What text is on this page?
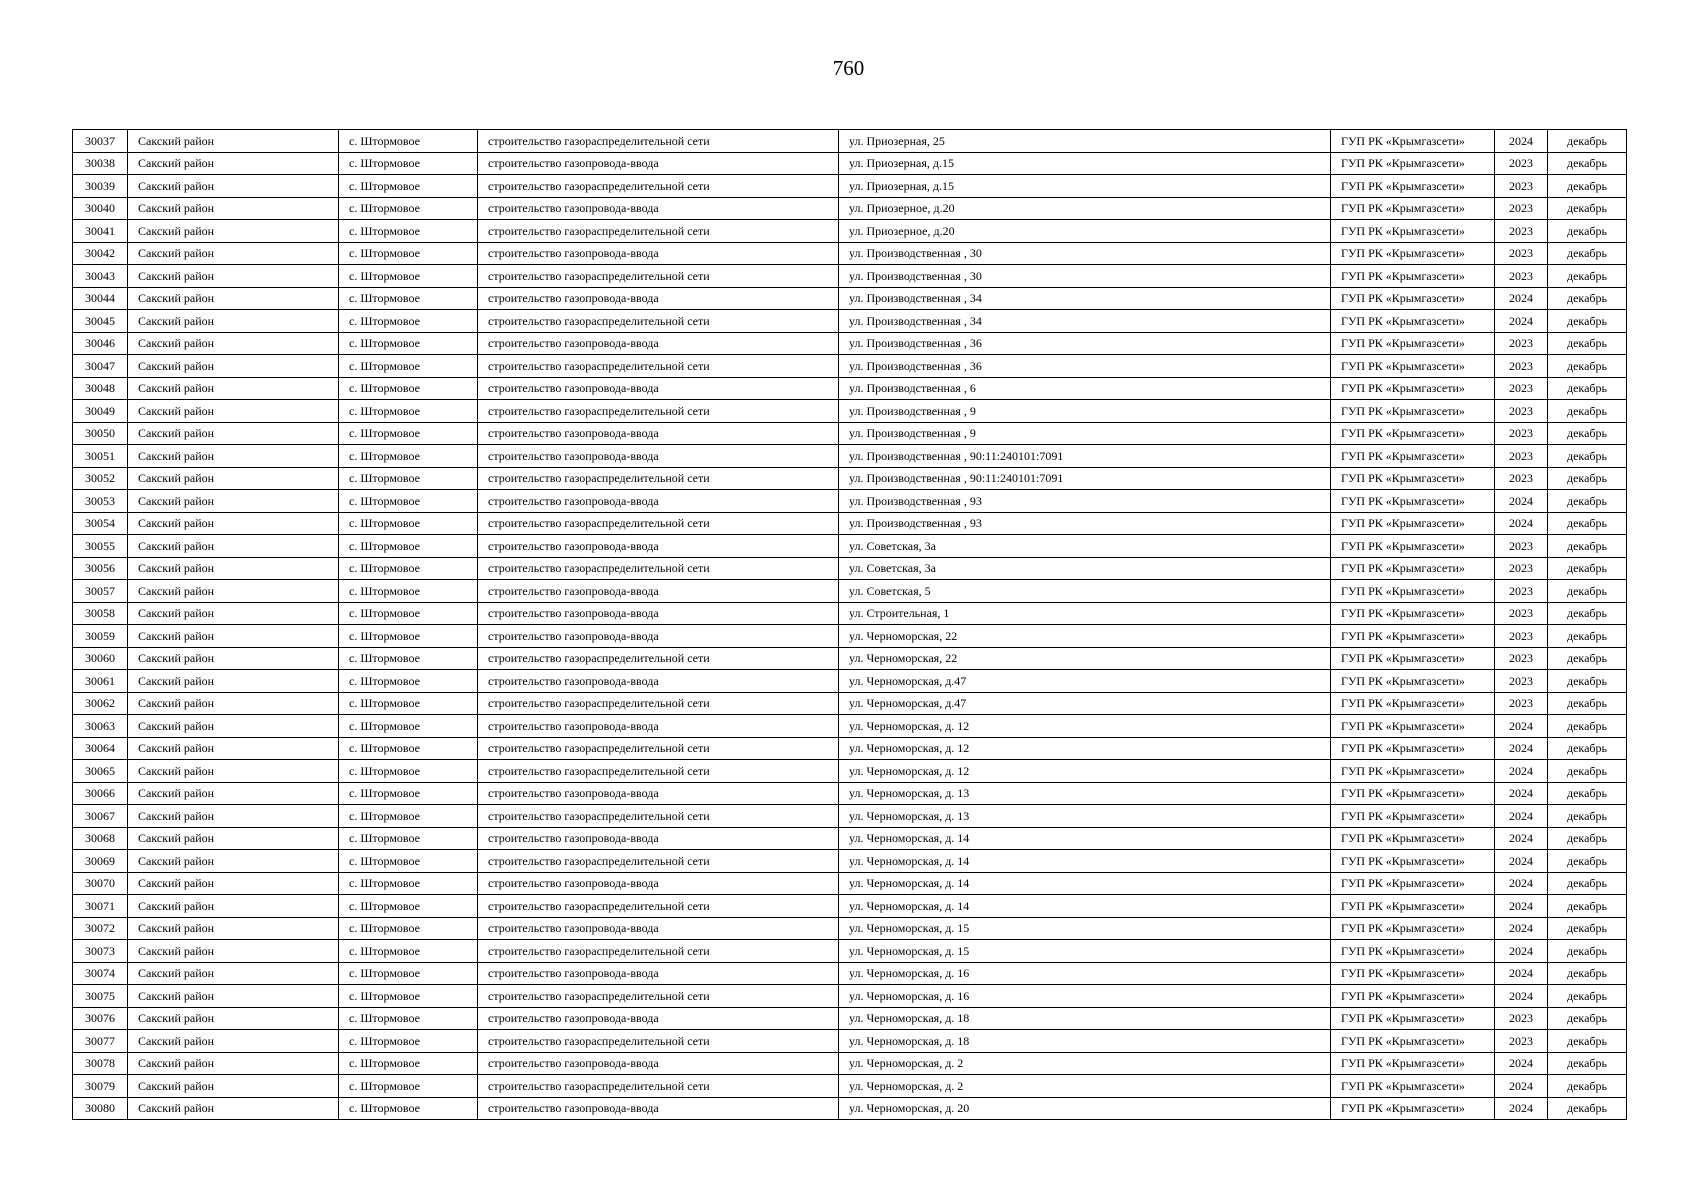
760
30037	Сакский район	с. Штормовое	строительство газораспределительной сети	ул. Приозерная, 25	ГУП РК «Крымгазсети»	2024	декабрь
30038	Сакский район	с. Штормовое	строительство газопровода-ввода	ул. Приозерная, д.15	ГУП РК «Крымгазсети»	2023	декабрь
30039	Сакский район	с. Штормовое	строительство газораспределительной сети	ул. Приозерная, д.15	ГУП РК «Крымгазсети»	2023	декабрь
30040	Сакский район	с. Штормовое	строительство газопровода-ввода	ул. Приозерное, д.20	ГУП РК «Крымгазсети»	2023	декабрь
30041	Сакский район	с. Штормовое	строительство газораспределительной сети	ул. Приозерное, д.20	ГУП РК «Крымгазсети»	2023	декабрь
30042	Сакский район	с. Штормовое	строительство газопровода-ввода	ул. Производственная , 30	ГУП РК «Крымгазсети»	2023	декабрь
30043	Сакский район	с. Штормовое	строительство газораспределительной сети	ул. Производственная , 30	ГУП РК «Крымгазсети»	2023	декабрь
30044	Сакский район	с. Штормовое	строительство газопровода-ввода	ул. Производственная , 34	ГУП РК «Крымгазсети»	2024	декабрь
30045	Сакский район	с. Штормовое	строительство газораспределительной сети	ул. Производственная , 34	ГУП РК «Крымгазсети»	2024	декабрь
30046	Сакский район	с. Штормовое	строительство газопровода-ввода	ул. Производственная , 36	ГУП РК «Крымгазсети»	2023	декабрь
30047	Сакский район	с. Штормовое	строительство газораспределительной сети	ул. Производственная , 36	ГУП РК «Крымгазсети»	2023	декабрь
30048	Сакский район	с. Штормовое	строительство газопровода-ввода	ул. Производственная , 6	ГУП РК «Крымгазсети»	2023	декабрь
30049	Сакский район	с. Штормовое	строительство газораспределительной сети	ул. Производственная , 9	ГУП РК «Крымгазсети»	2023	декабрь
30050	Сакский район	с. Штормовое	строительство газопровода-ввода	ул. Производственная , 9	ГУП РК «Крымгазсети»	2023	декабрь
30051	Сакский район	с. Штормовое	строительство газопровода-ввода	ул. Производственная , 90:11:240101:7091	ГУП РК «Крымгазсети»	2023	декабрь
30052	Сакский район	с. Штормовое	строительство газораспределительной сети	ул. Производственная , 90:11:240101:7091	ГУП РК «Крымгазсети»	2023	декабрь
30053	Сакский район	с. Штормовое	строительство газопровода-ввода	ул. Производственная , 93	ГУП РК «Крымгазсети»	2024	декабрь
30054	Сакский район	с. Штормовое	строительство газораспределительной сети	ул. Производственная , 93	ГУП РК «Крымгазсети»	2024	декабрь
30055	Сакский район	с. Штормовое	строительство газопровода-ввода	ул. Советская, 3а	ГУП РК «Крымгазсети»	2023	декабрь
30056	Сакский район	с. Штормовое	строительство газораспределительной сети	ул. Советская, 3а	ГУП РК «Крымгазсети»	2023	декабрь
30057	Сакский район	с. Штормовое	строительство газопровода-ввода	ул. Советская, 5	ГУП РК «Крымгазсети»	2023	декабрь
30058	Сакский район	с. Штормовое	строительство газопровода-ввода	ул. Строительная, 1	ГУП РК «Крымгазсети»	2023	декабрь
30059	Сакский район	с. Штормовое	строительство газопровода-ввода	ул. Черноморская, 22	ГУП РК «Крымгазсети»	2023	декабрь
30060	Сакский район	с. Штормовое	строительство газораспределительной сети	ул. Черноморская, 22	ГУП РК «Крымгазсети»	2023	декабрь
30061	Сакский район	с. Штормовое	строительство газопровода-ввода	ул. Черноморская, д.47	ГУП РК «Крымгазсети»	2023	декабрь
30062	Сакский район	с. Штормовое	строительство газораспределительной сети	ул. Черноморская, д.47	ГУП РК «Крымгазсети»	2023	декабрь
30063	Сакский район	с. Штормовое	строительство газопровода-ввода	ул. Черноморская, д. 12	ГУП РК «Крымгазсети»	2024	декабрь
30064	Сакский район	с. Штормовое	строительство газораспределительной сети	ул. Черноморская, д. 12	ГУП РК «Крымгазсети»	2024	декабрь
30065	Сакский район	с. Штормовое	строительство газораспределительной сети	ул. Черноморская, д. 12	ГУП РК «Крымгазсети»	2024	декабрь
30066	Сакский район	с. Штормовое	строительство газопровода-ввода	ул. Черноморская, д. 13	ГУП РК «Крымгазсети»	2024	декабрь
30067	Сакский район	с. Штормовое	строительство газораспределительной сети	ул. Черноморская, д. 13	ГУП РК «Крымгазсети»	2024	декабрь
30068	Сакский район	с. Штормовое	строительство газопровода-ввода	ул. Черноморская, д. 14	ГУП РК «Крымгазсети»	2024	декабрь
30069	Сакский район	с. Штормовое	строительство газораспределительной сети	ул. Черноморская, д. 14	ГУП РК «Крымгазсети»	2024	декабрь
30070	Сакский район	с. Штормовое	строительство газопровода-ввода	ул. Черноморская, д. 14	ГУП РК «Крымгазсети»	2024	декабрь
30071	Сакский район	с. Штормовое	строительство газораспределительной сети	ул. Черноморская, д. 14	ГУП РК «Крымгазсети»	2024	декабрь
30072	Сакский район	с. Штормовое	строительство газопровода-ввода	ул. Черноморская, д. 15	ГУП РК «Крымгазсети»	2024	декабрь
30073	Сакский район	с. Штормовое	строительство газораспределительной сети	ул. Черноморская, д. 15	ГУП РК «Крымгазсети»	2024	декабрь
30074	Сакский район	с. Штормовое	строительство газопровода-ввода	ул. Черноморская, д. 16	ГУП РК «Крымгазсети»	2024	декабрь
30075	Сакский район	с. Штормовое	строительство газораспределительной сети	ул. Черноморская, д. 16	ГУП РК «Крымгазсети»	2024	декабрь
30076	Сакский район	с. Штормовое	строительство газопровода-ввода	ул. Черноморская, д. 18	ГУП РК «Крымгазсети»	2023	декабрь
30077	Сакский район	с. Штормовое	строительство газораспределительной сети	ул. Черноморская, д. 18	ГУП РК «Крымгазсети»	2023	декабрь
30078	Сакский район	с. Штормовое	строительство газопровода-ввода	ул. Черноморская, д. 2	ГУП РК «Крымгазсети»	2024	декабрь
30079	Сакский район	с. Штормовое	строительство газораспределительной сети	ул. Черноморская, д. 2	ГУП РК «Крымгазсети»	2024	декабрь
30080	Сакский район	с. Штормовое	строительство газопровода-ввода	ул. Черноморская, д. 20	ГУП РК «Крымгазсети»	2024	декабрь
